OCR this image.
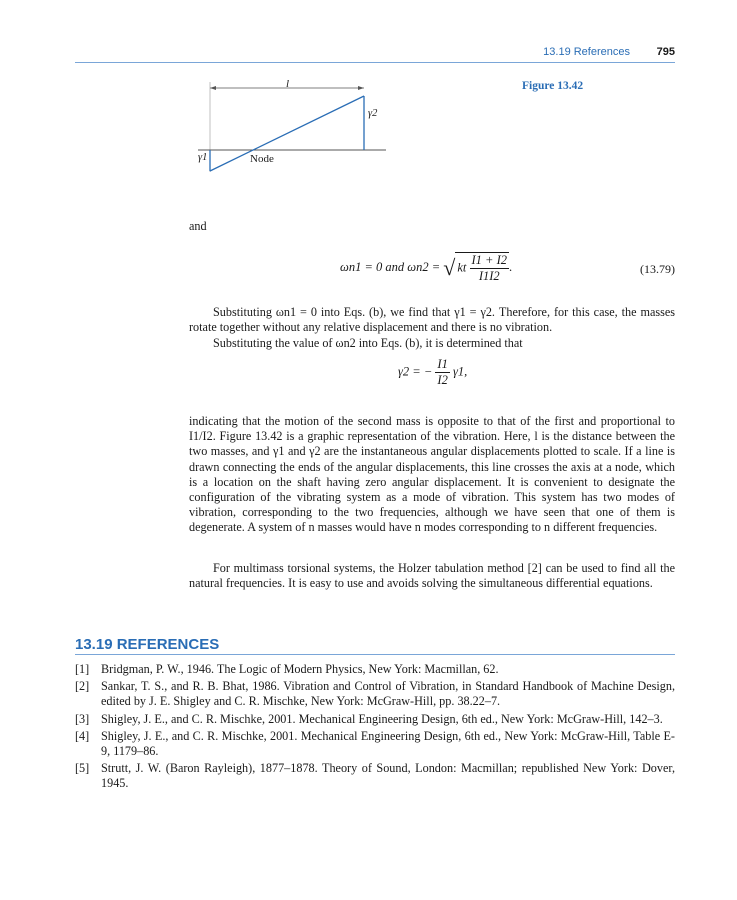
13.19 References 795
Figure 13.42
l
γ2
γ1	Node
and
ωn1 = 0 and ωn2 = √ kt $\frac{I1 + I2}{I1I2}$ .	(13.79)
Substituting ωn1 = 0 into Eqs. (b), we find that γ1 = γ2. Therefore, for this case, the masses rotate together without any relative displacement and there is no vibration.
Substituting the value of ωn2 into Eqs. (b), it is determined that
γ2 = − $\frac{I1}{I2} \gamma 1$,
indicating that the motion of the second mass is opposite to that of the first and proportional to I1/I2. Figure 13.42 is a graphic representation of the vibration. Here, l is the distance between the two masses, and γ1 and γ2 are the instantaneous angular displacements plotted to scale. If a line is drawn connecting the ends of the angular displacements, this line crosses the axis at a node, which is a location on the shaft having zero angular displacement. It is convenient to designate the configuration of the vibrating system as a mode of vibration. This system has two modes of vibration, corresponding to the two frequencies, although we have seen that one of them is degenerate. A system of n masses would have n modes corresponding to n different frequencies.
For multimass torsional systems, the Holzer tabulation method [2] can be used to find all the natural frequencies. It is easy to use and avoids solving the simultaneous differential equations.
13.19 REFERENCES
[1] Bridgman, P. W., 1946. The Logic of Modern Physics, New York: Macmillan, 62.
[2] Sankar, T. S., and R. B. Bhat, 1986. Vibration and Control of Vibration, in Standard Handbook of Machine Design, edited by J. E. Shigley and C. R. Mischke, New York: McGraw-Hill, pp. 38.22–7.
[3] Shigley, J. E., and C. R. Mischke, 2001. Mechanical Engineering Design, 6th ed., New York: McGraw-Hill, 142–3.
[4] Shigley, J. E., and C. R. Mischke, 2001. Mechanical Engineering Design, 6th ed., New York: McGraw-Hill, Table E-9, 1179–86.
[5] Strutt, J. W. (Baron Rayleigh), 1877–1878. Theory of Sound, London: Macmillan; republished New York: Dover, 1945.
